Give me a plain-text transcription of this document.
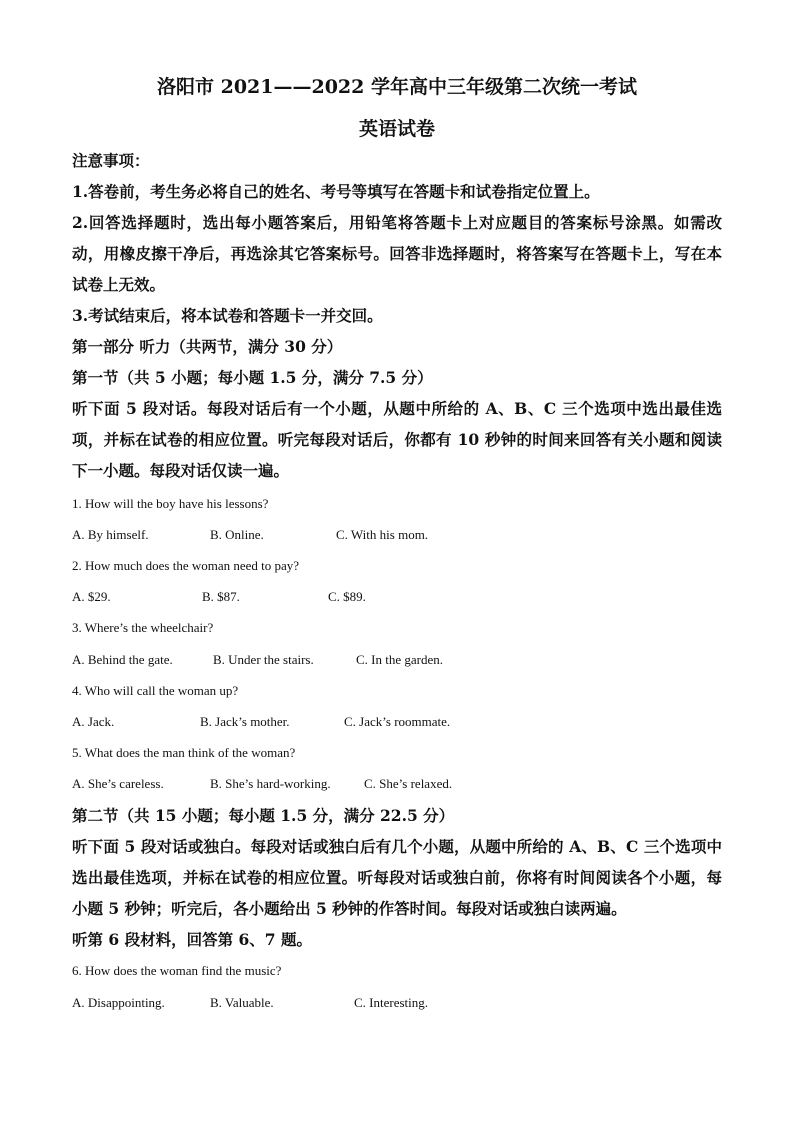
洛阳市 2021——2022 学年高中三年级第二次统一考试
英语试卷
注意事项：
1.答卷前，考生务必将自己的姓名、考号等填写在答题卡和试卷指定位置上。
2.回答选择题时，选出每小题答案后，用铅笔将答题卡上对应题目的答案标号涂黑。如需改动，用橡皮擦干净后，再选涂其它答案标号。回答非选择题时，将答案写在答题卡上，写在本试卷上无效。
3.考试结束后，将本试卷和答题卡一并交回。
第一部分 听力（共两节，满分 30 分）
第一节（共 5 小题；每小题 1.5 分，满分 7.5 分）
听下面 5 段对话。每段对话后有一个小题，从题中所给的 A、B、C 三个选项中选出最佳选项，并标在试卷的相应位置。听完每段对话后，你都有 10 秒钟的时间来回答有关小题和阅读下一小题。每段对话仅读一遍。
1. How will the boy have his lessons?
A. By himself.	B. Online.	C. With his mom.
2. How much does the woman need to pay?
A. $29.	B. $87.	C. $89.
3. Where’s the wheelchair?
A. Behind the gate.	B. Under the stairs.	C. In the garden.
4. Who will call the woman up?
A. Jack.	B. Jack’s mother.	C. Jack’s roommate.
5. What does the man think of the woman?
A. She’s careless.	B. She’s hard-working.	C. She’s relaxed.
第二节（共 15 小题；每小题 1.5 分，满分 22.5 分）
听下面 5 段对话或独白。每段对话或独白后有几个小题，从题中所给的 A、B、C 三个选项中选出最佳选项，并标在试卷的相应位置。听每段对话或独白前，你将有时间阅读各个小题，每小题 5 秒钟；听完后，各小题给出 5 秒钟的作答时间。每段对话或独白读两遍。
听第 6 段材料，回答第 6、7 题。
6. How does the woman find the music?
A. Disappointing.	B. Valuable.	C. Interesting.
